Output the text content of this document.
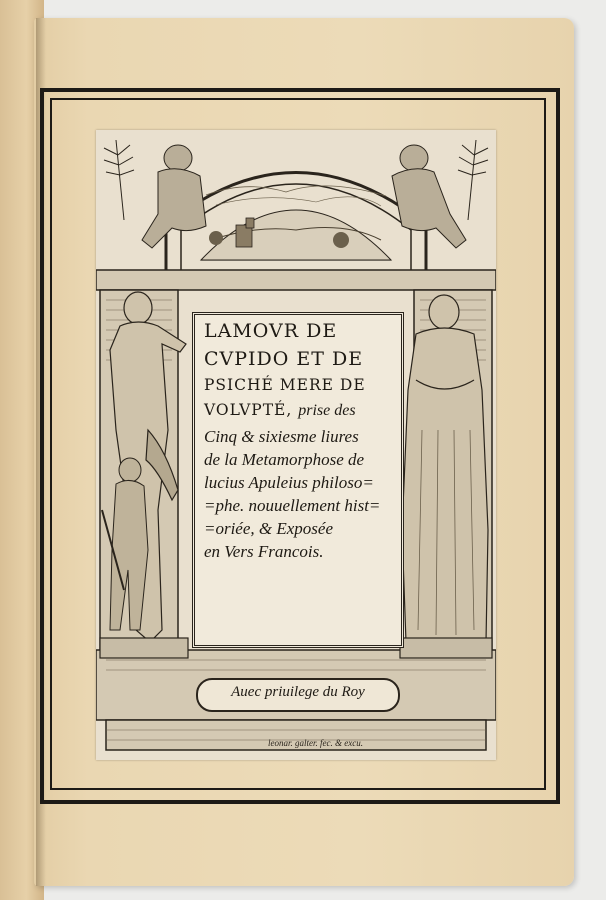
LAMOVR DE
CVPIDO ET DE
PSICHÉ MERE DE
VOLVPTÉ, prise des
Cinq & sixiesme liures
de la Metamorphose de
lucius Apuleius philoso=
=phe. nouuellement hist=
=oriée, & Exposée
en Vers Francois.
Auec priuilege du Roy
leonar. galter. fec. & excu.
